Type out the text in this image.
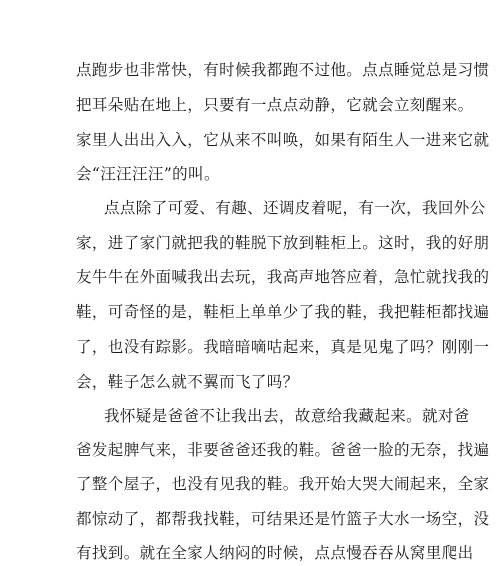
点跑步也非常快，有时候我都跑不过他。点点睡觉总是习惯
把耳朵贴在地上，只要有一点点动静，它就会立刻醒来。
家里人出出入入，它从来不叫唤，如果有陌生人一进来它就
会“汪汪汪汪”的叫。
点点除了可爱、有趣、还调皮着呢，有一次，我回外公
家，进了家门就把我的鞋脱下放到鞋柜上。这时，我的好朋
友牛牛在外面喊我出去玩，我高声地答应着，急忙就找我的
鞋，可奇怪的是，鞋柜上单单少了我的鞋，我把鞋柜都找遍
了，也没有踪影。我暗暗嘀咕起来，真是见鬼了吗？刚刚一
会，鞋子怎么就不翼而飞了吗？
我怀疑是爸爸不让我出去，故意给我藏起来。就对爸
爸发起脾气来，非要爸爸还我的鞋。爸爸一脸的无奈，找遍
了整个屋子，也没有见我的鞋。我开始大哭大闹起来，全家
都惊动了，都帮我找鞋，可结果还是竹篮子大水一场空，没
有找到。就在全家人纳闷的时候，点点慢吞吞从窝里爬出
